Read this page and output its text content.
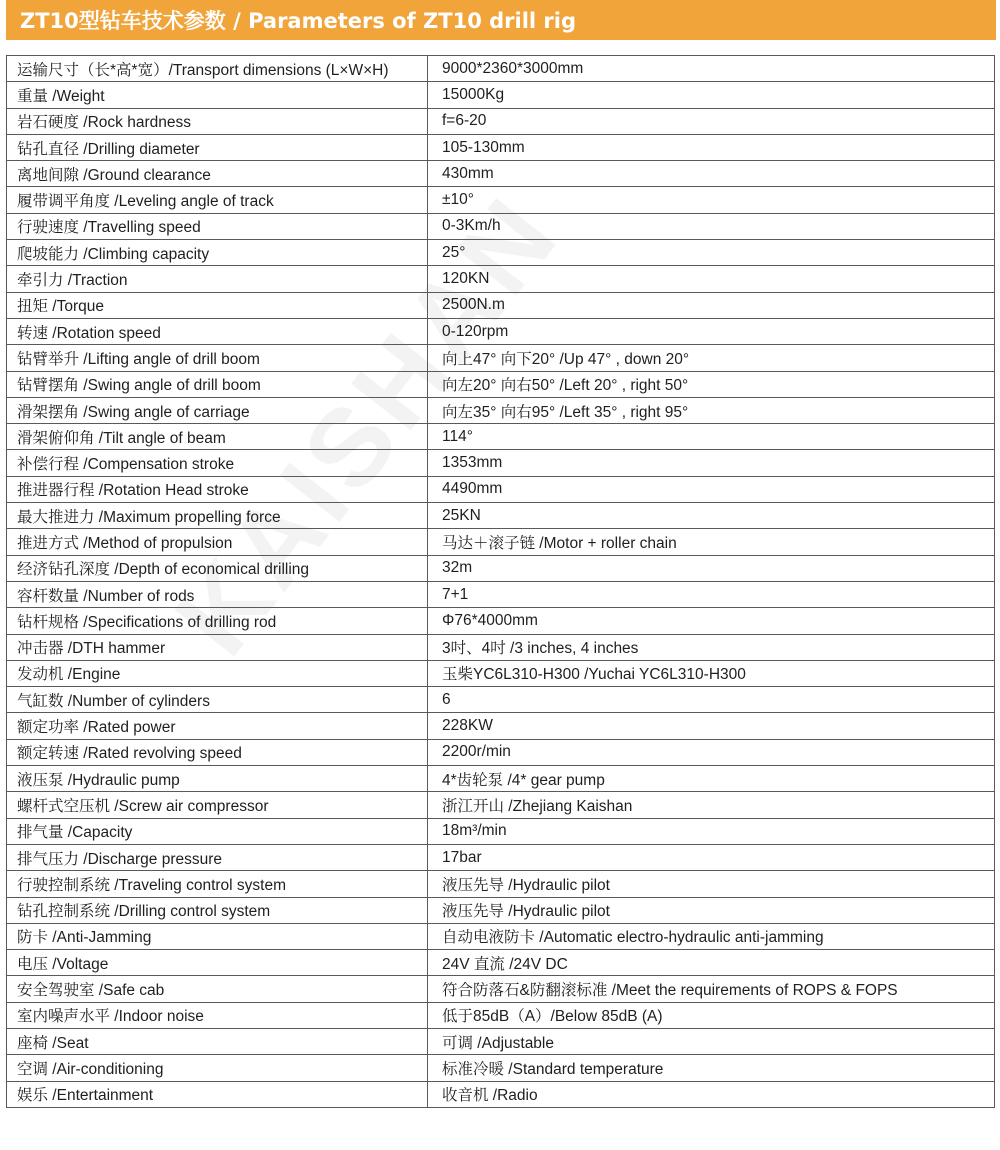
ZT10型钻车技术参数 / Parameters of ZT10 drill rig
运输尺寸（长*高*宽）/Transport dimensions (L×W×H)	9000*2360*3000mm
重量 /Weight	15000Kg
岩石硬度 /Rock hardness	f=6-20
钻孔直径 /Drilling diameter	105-130mm
离地间隙 /Ground clearance	430mm
履带调平角度 /Leveling angle of track	±10°
行驶速度 /Travelling speed	0-3Km/h
爬坡能力 /Climbing capacity	25°
牵引力 /Traction	120KN
扭矩 /Torque	2500N.m
转速 /Rotation speed	0-120rpm
钻臂举升 /Lifting angle of drill boom	向上47° 向下20° /Up 47° , down 20°
钻臂摆角 /Swing angle of drill boom	向左20° 向右50° /Left 20° , right 50°
滑架摆角 /Swing angle of carriage	向左35° 向右95° /Left 35° , right 95°
滑架俯仰角 /Tilt angle of beam	114°
补偿行程 /Compensation stroke	1353mm
推进器行程 /Rotation Head stroke	4490mm
最大推进力 /Maximum propelling force	25KN
推进方式 /Method of propulsion	马达＋滚子链 /Motor + roller chain
经济钻孔深度 /Depth of economical drilling	32m
容杆数量 /Number of rods	7+1
钻杆规格 /Specifications of drilling rod	Φ76*4000mm
冲击器 /DTH hammer	3吋、4吋 /3 inches, 4 inches
发动机 /Engine	玉柴YC6L310-H300 /Yuchai YC6L310-H300
气缸数 /Number of cylinders	6
额定功率 /Rated power	228KW
额定转速 /Rated revolving speed	2200r/min
液压泵 /Hydraulic pump	4*齿轮泵 /4* gear pump
螺杆式空压机 /Screw air compressor	浙江开山 /Zhejiang Kaishan
排气量 /Capacity	18m³/min
排气压力 /Discharge pressure	17bar
行驶控制系统 /Traveling control system	液压先导 /Hydraulic pilot
钻孔控制系统 /Drilling control system	液压先导 /Hydraulic pilot
防卡 /Anti-Jamming	自动电液防卡 /Automatic electro-hydraulic anti-jamming
电压 /Voltage	24V 直流 /24V DC
安全驾驶室 /Safe cab	符合防落石&防翻滚标准 /Meet the requirements of ROPS & FOPS
室内噪声水平 /Indoor noise	低于85dB（A）/Below 85dB (A)
座椅 /Seat	可调 /Adjustable
空调 /Air-conditioning	标准冷暖 /Standard temperature
娱乐 /Entertainment	收音机 /Radio
